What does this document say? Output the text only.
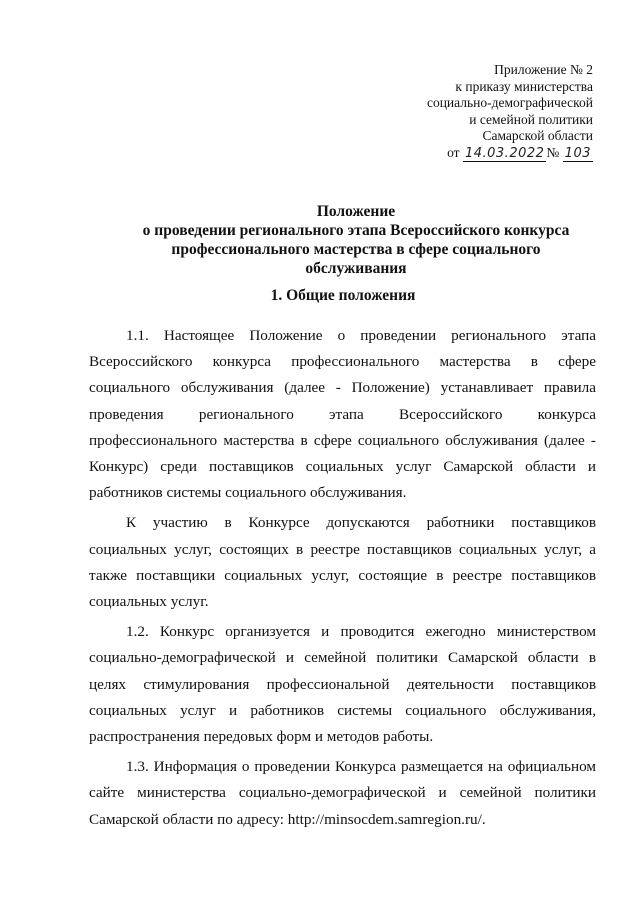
Приложение № 2
к приказу министерства
социально-демографической
и семейной политики
Самарской области
от 14.03.2022 № 103
Положение
о проведении регионального этапа Всероссийского конкурса
профессионального мастерства в сфере социального
обслуживания
1. Общие положения

1.1. Настоящее Положение о проведении регионального этапа Всероссийского конкурса профессионального мастерства в сфере социального обслуживания (далее - Положение) устанавливает правила проведения регионального этапа Всероссийского конкурса профессионального мастерства в сфере социального обслуживания (далее - Конкурс) среди поставщиков социальных услуг Самарской области и работников системы социального обслуживания.

К участию в Конкурсе допускаются работники поставщиков социальных услуг, состоящих в реестре поставщиков социальных услуг, а также поставщики социальных услуг, состоящие в реестре поставщиков социальных услуг.

1.2. Конкурс организуется и проводится ежегодно министерством социально-демографической и семейной политики Самарской области в целях стимулирования профессиональной деятельности поставщиков социальных услуг и работников системы социального обслуживания, распространения передовых форм и методов работы.

1.3. Информация о проведении Конкурса размещается на официальном сайте министерства социально-демографической и семейной политики Самарской области по адресу: http://minsocdem.samregion.ru/.
